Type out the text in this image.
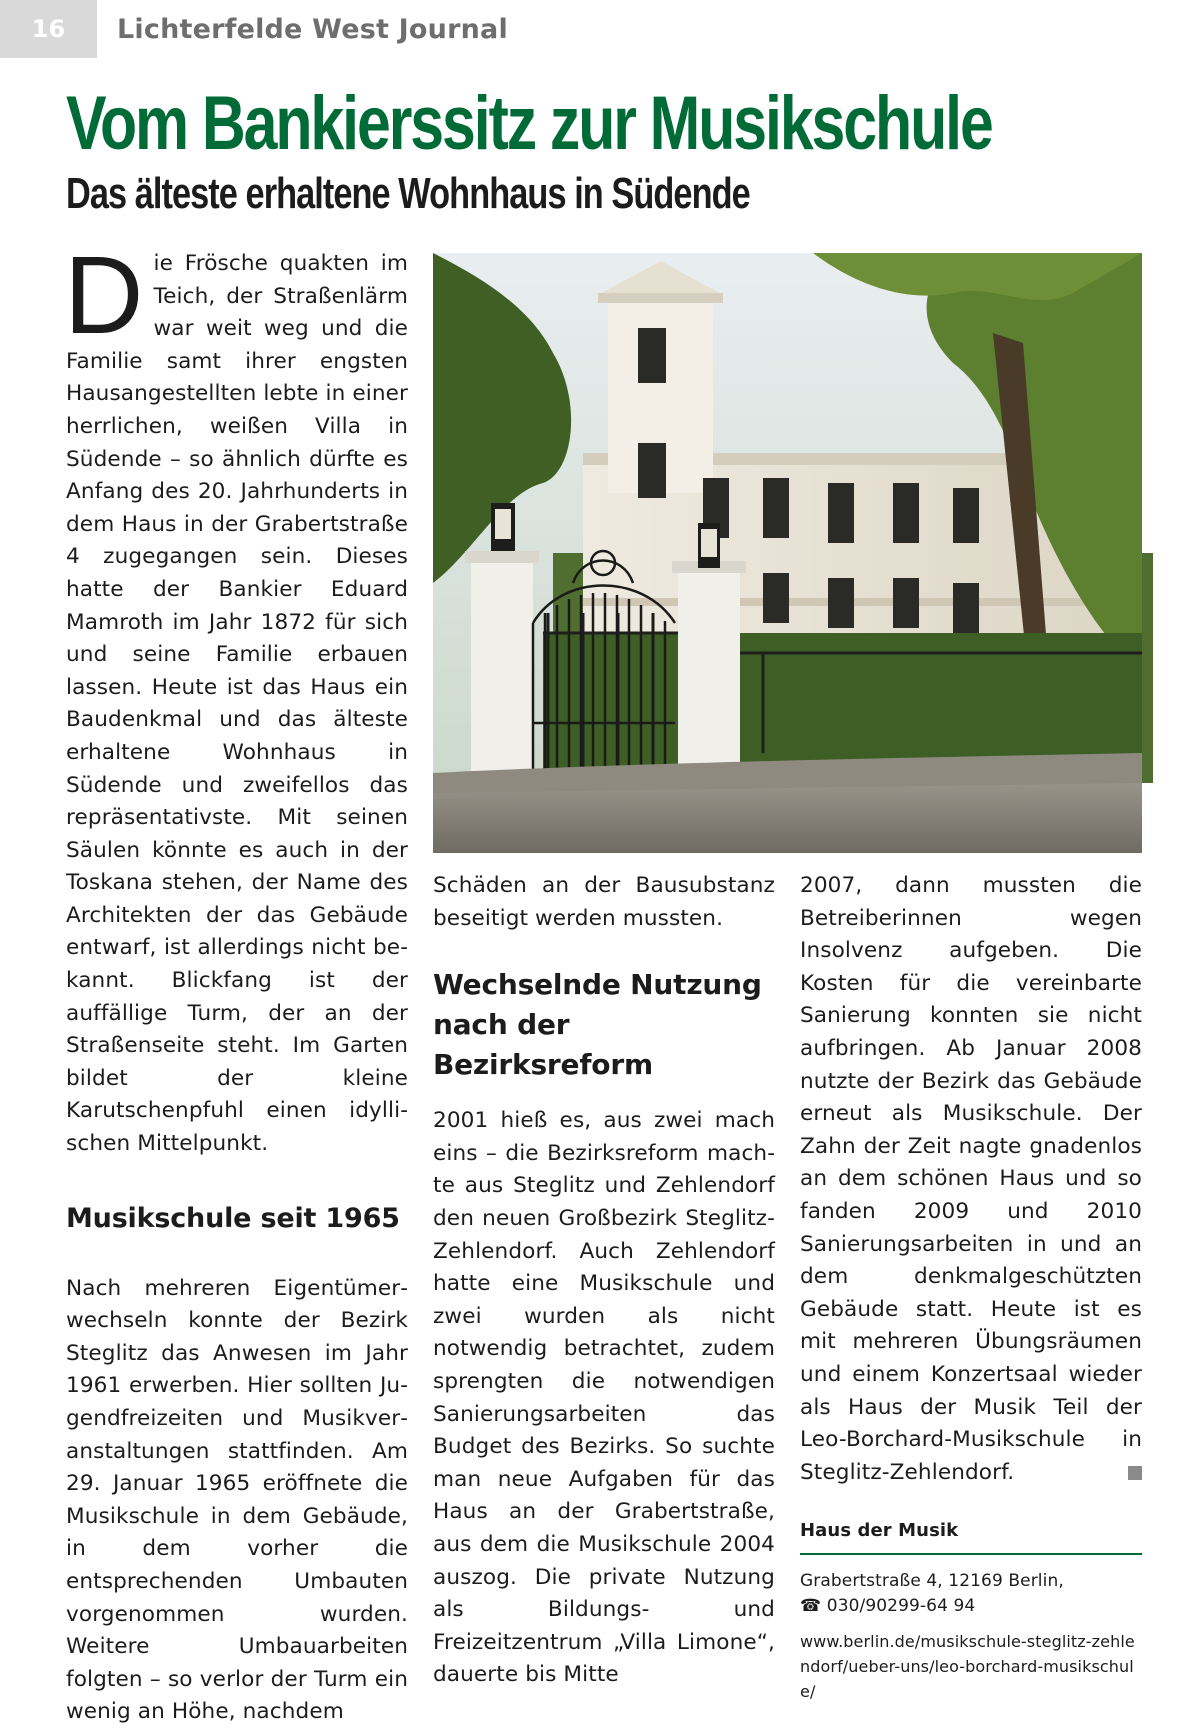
16	Lichterfelde West Journal
Vom Bankierssitz zur Musikschule
Das älteste erhaltene Wohnhaus in Südende

Die Frösche quakten im Teich, der Straßenlärm war weit weg und die Familie samt ihrer engsten Hausangestellten lebte in einer herrlichen, weißen Villa in Südende – so ähnlich dürfte es Anfang des 20. Jahrhunderts in dem Haus in der Grabertstraße 4 zugegangen sein. Dieses hatte der Bankier Eduard Mamroth im Jahr 1872 für sich und seine Familie erbauen lassen. Heute ist das Haus ein Baudenkmal und das älteste erhaltene Wohnhaus in Südende und zweifellos das repräsentativste. Mit seinen Säulen könnte es auch in der Toskana stehen, der Name des Architekten der das Gebäude entwarf, ist allerdings nicht bekannt. Blickfang ist der auffällige Turm, der an der Straßenseite steht. Im Garten bildet der kleine Karutschenpfuhl einen idyllischen Mittelpunkt.

Musikschule seit 1965

Nach mehreren Eigentümerwechseln konnte der Bezirk Steglitz das Anwesen im Jahr 1961 erwerben. Hier sollten Jugendfreizeiten und Musikveranstaltungen stattfinden. Am 29. Januar 1965 eröffnete die Musikschule in dem Gebäude, in dem vorher die entsprechenden Umbauten vorgenommen wurden. Weitere Umbauarbeiten folgten – so verlor der Turm ein wenig an Höhe, nachdem

Schäden an der Bausubstanz beseitigt werden mussten.

Wechselnde Nutzung nach der Bezirksreform

2001 hieß es, aus zwei mach eins – die Bezirksreform machte aus Steglitz und Zehlendorf den neuen Großbezirk Steglitz-Zehlendorf. Auch Zehlendorf hatte eine Musikschule und zwei wurden als nicht notwendig betrachtet, zudem sprengten die notwendigen Sanierungsarbeiten das Budget des Bezirks. So suchte man neue Aufgaben für das Haus an der Grabertstraße, aus dem die Musikschule 2004 auszog. Die private Nutzung als Bildungs- und Freizeitzentrum „Villa Limone“, dauerte bis Mitte

2007, dann mussten die Betreiberinnen wegen Insolvenz aufgeben. Die Kosten für die vereinbarte Sanierung konnten sie nicht aufbringen. Ab Januar 2008 nutzte der Bezirk das Gebäude erneut als Musikschule. Der Zahn der Zeit nagte gnadenlos an dem schönen Haus und so fanden 2009 und 2010 Sanierungsarbeiten in und an dem denkmalgeschützten Gebäude statt. Heute ist es mit mehreren Übungsräumen und einem Konzertsaal wieder als Haus der Musik Teil der Leo-Borchard-Musikschule in Steglitz-Zehlendorf.

Haus der Musik
Grabertstraße 4, 12169 Berlin,
☎ 030/90299-64 94
www.berlin.de/musikschule-steglitz-zehlendorf/ueber-uns/leo-borchard-musikschule/
